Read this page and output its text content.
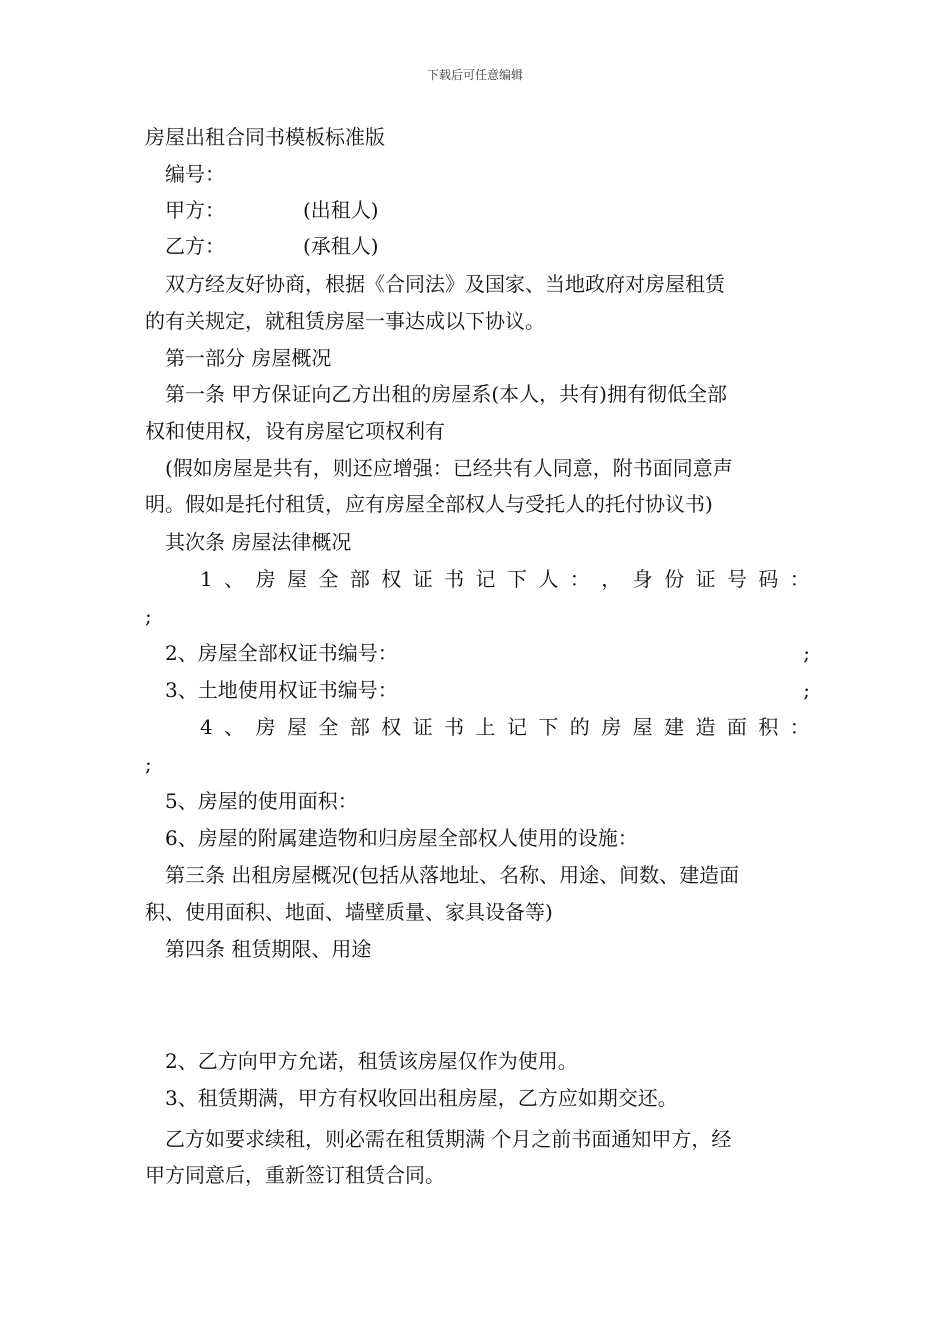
下载后可任意编辑
房屋出租合同书模板标准版
编号：
甲方：	(出租人)
乙方：	(承租人)
双方经友好协商，根据《合同法》及国家、当地政府对房屋租赁
的有关规定，就租赁房屋一事达成以下协议。
第一部分 房屋概况
第一条 甲方保证向乙方出租的房屋系(本人，共有)拥有彻低全部
权和使用权，设有房屋它项权利有
(假如房屋是共有，则还应增强：已经共有人同意，附书面同意声
明。假如是托付租赁，应有房屋全部权人与受托人的托付协议书)
其次条 房屋法律概况
1 、 房 屋 全 部 权 证 书 记 下 人 ： ， 身 份 证 号 码 ：
;
2、房屋全部权证书编号：	;
3、土地使用权证书编号：	;
4 、 房 屋 全 部 权 证 书 上 记 下 的 房 屋 建 造 面 积 ：
;
5、房屋的使用面积：
6、房屋的附属建造物和归房屋全部权人使用的设施：
第三条 出租房屋概况(包括从落地址、名称、用途、间数、建造面
积、使用面积、地面、墙壁质量、家具设备等)
第四条 租赁期限、用途
2、乙方向甲方允诺，租赁该房屋仅作为使用。
3、租赁期满，甲方有权收回出租房屋，乙方应如期交还。
乙方如要求续租，则必需在租赁期满 个月之前书面通知甲方，经
甲方同意后，重新签订租赁合同。
